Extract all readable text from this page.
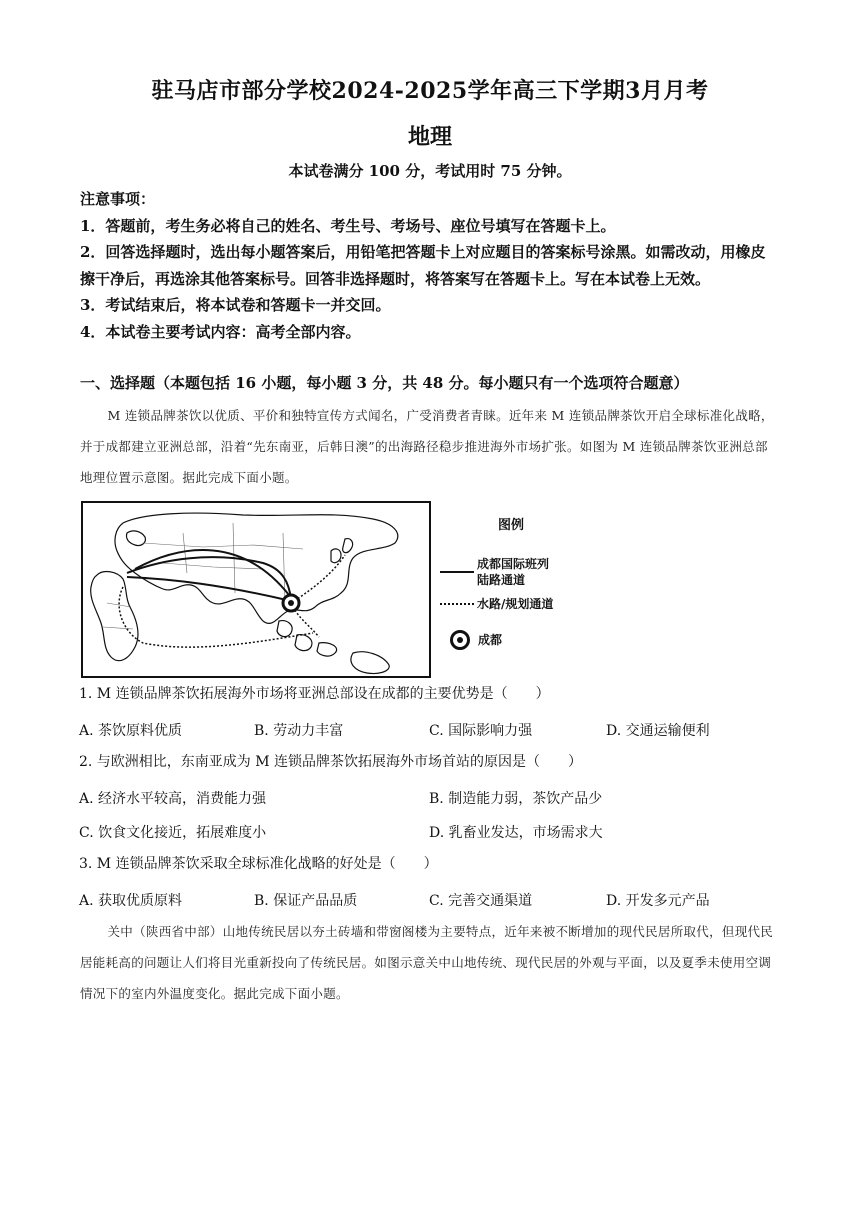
驻马店市部分学校2024-2025学年高三下学期3月月考
地理
本试卷满分 100 分，考试用时 75 分钟。

注意事项：

1．答题前，考生务必将自己的姓名、考生号、考场号、座位号填写在答题卡上。

2．回答选择题时，选出每小题答案后，用铅笔把答题卡上对应题目的答案标号涂黑。如需改动，用橡皮擦干净后，再选涂其他答案标号。回答非选择题时，将答案写在答题卡上。写在本试卷上无效。

3．考试结束后，将本试卷和答题卡一并交回。

4．本试卷主要考试内容：高考全部内容。

一、选择题（本题包括 16 小题，每小题 3 分，共 48 分。每小题只有一个选项符合题意）
M 连锁品牌茶饮以优质、平价和独特宣传方式闻名，广受消费者青睐。近年来 M 连锁品牌茶饮开启全球标准化战略，并于成都建立亚洲总部，沿着“先东南亚，后韩日澳”的出海路径稳步推进海外市场扩张。如图为 M 连锁品牌茶饮亚洲总部地理位置示意图。据此完成下面小题。
图例
成都国际班列
陆路通道
水路/规划通道
成都
1. M 连锁品牌茶饮拓展海外市场将亚洲总部设在成都的主要优势是（　　）
A. 茶饮原料优质	B. 劳动力丰富	C. 国际影响力强	D. 交通运输便利
2. 与欧洲相比，东南亚成为 M 连锁品牌茶饮拓展海外市场首站的原因是（　　）
A. 经济水平较高，消费能力强	B. 制造能力弱，茶饮产品少
C. 饮食文化接近，拓展难度小	D. 乳畜业发达，市场需求大
3. M 连锁品牌茶饮采取全球标准化战略的好处是（　　）
A. 获取优质原料	B. 保证产品品质	C. 完善交通渠道	D. 开发多元产品
关中（陕西省中部）山地传统民居以夯土砖墙和带窗阁楼为主要特点，近年来被不断增加的现代民居所取代，但现代民居能耗高的问题让人们将目光重新投向了传统民居。如图示意关中山地传统、现代民居的外观与平面，以及夏季未使用空调情况下的室内外温度变化。据此完成下面小题。
